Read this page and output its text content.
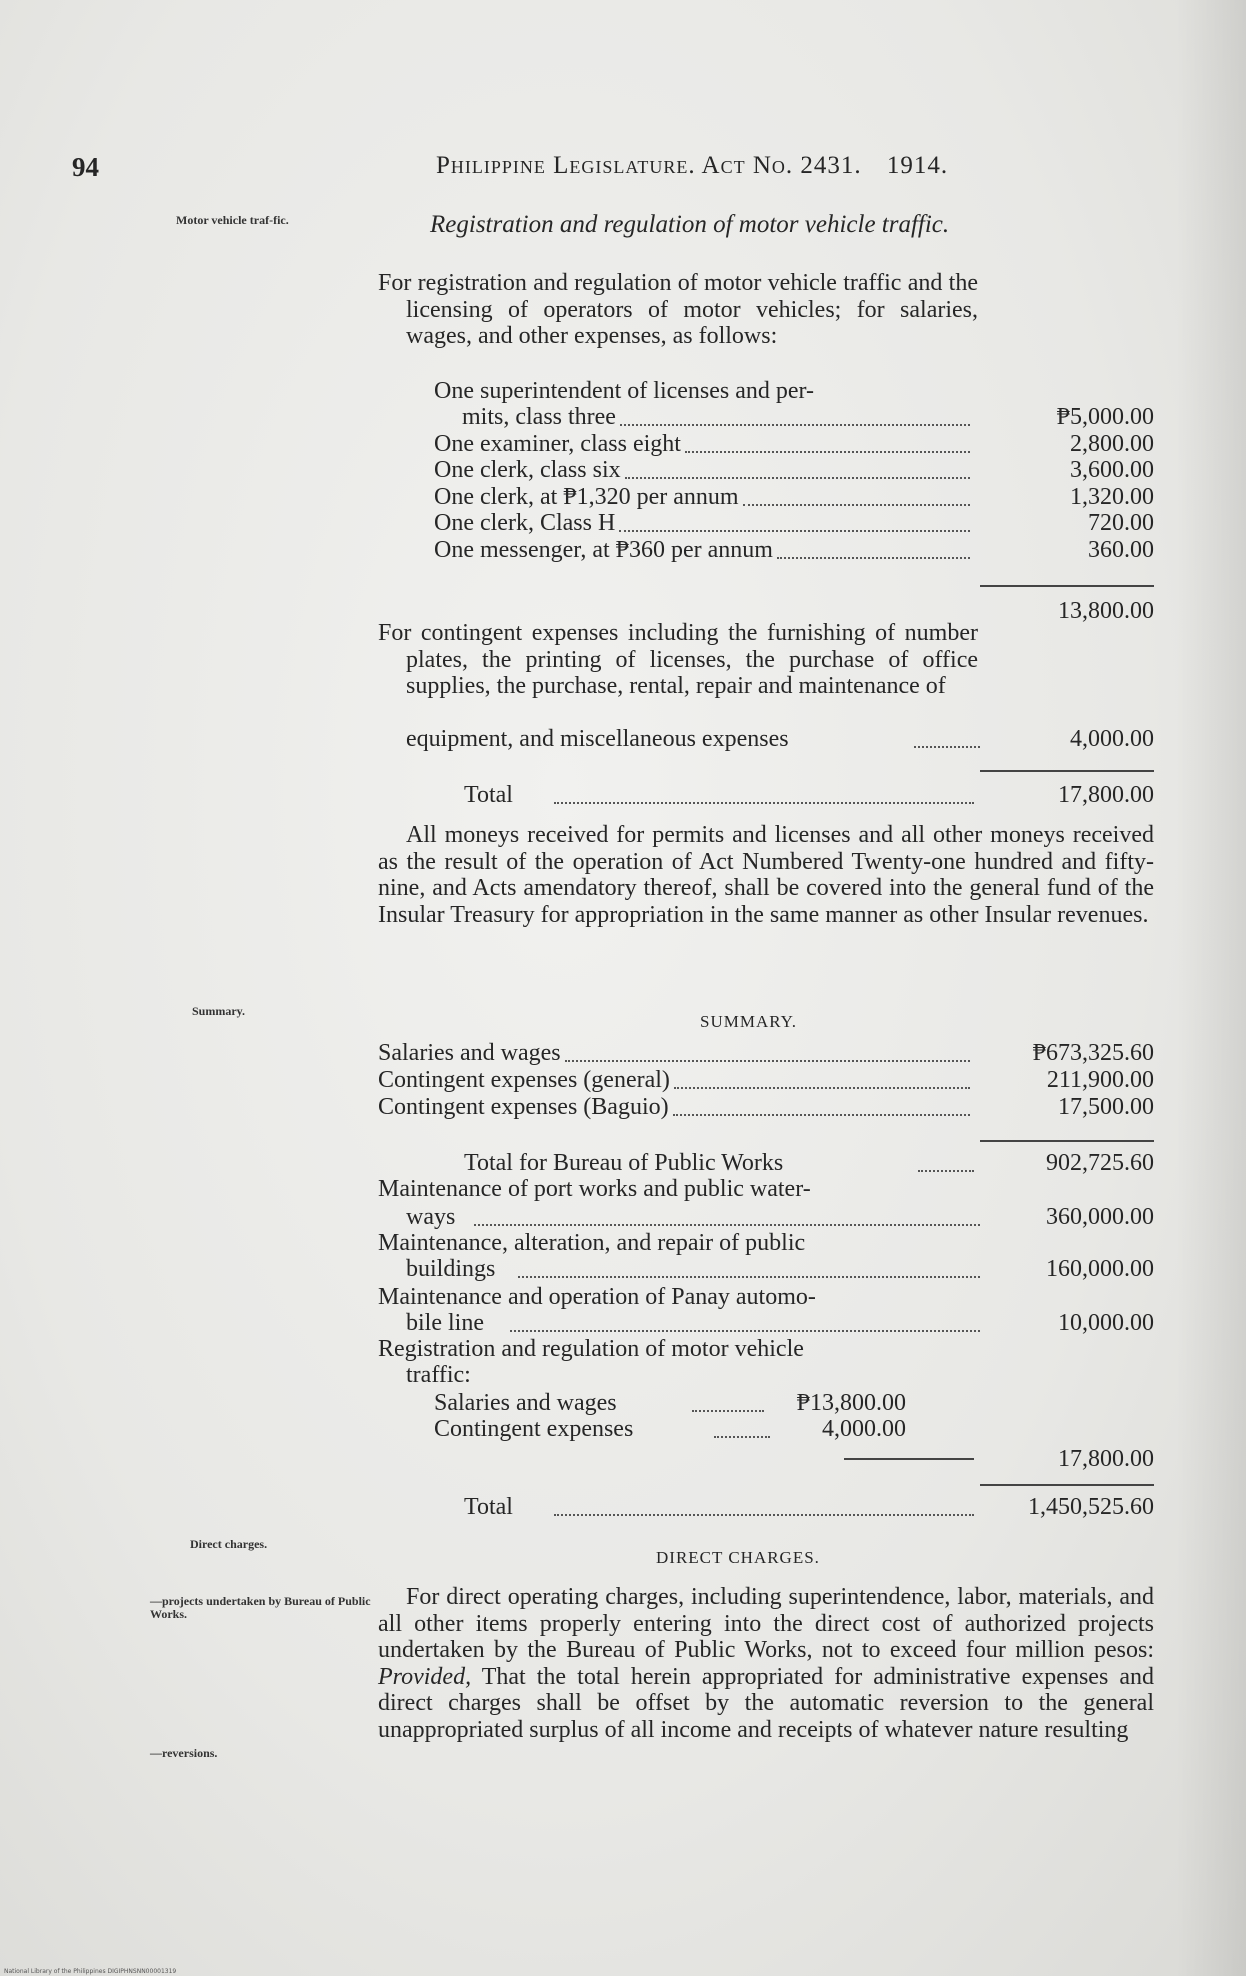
94	Philippine Legislature. Act No. 2431. 1914.
Motor vehicle traf-fic.
Summary.
Direct charges.
—projects undertaken by Bureau of Public Works.
—reversions.
Registration and regulation of motor vehicle traffic.
For registration and regulation of motor vehicle traffic and the licensing of operators of motor vehicles; for salaries, wages, and other expenses, as follows:
One superintendent of licenses and per-
mits, class three	₱5,000.00
One examiner, class eight	2,800.00
One clerk, class six	3,600.00
One clerk, at ₱1,320 per annum	1,320.00
One clerk, Class H	720.00
One messenger, at ₱360 per annum	360.00
13,800.00
For contingent expenses including the furnishing of number plates, the printing of licenses, the purchase of office supplies, the purchase, rental, repair and maintenance of
equipment, and miscellaneous expenses	4,000.00
Total	17,800.00
All moneys received for permits and licenses and all other moneys received as the result of the operation of Act Numbered Twenty-one hundred and fifty-nine, and Acts amendatory thereof, shall be covered into the general fund of the Insular Treasury for appropriation in the same manner as other Insular revenues.
SUMMARY.
Salaries and wages	₱673,325.60
Contingent expenses (general)	211,900.00
Contingent expenses (Baguio)	17,500.00
Total for Bureau of Public Works	902,725.60
Maintenance of port works and public water-
ways	360,000.00
Maintenance, alteration, and repair of public
buildings	160,000.00
Maintenance and operation of Panay automo-
bile line	10,000.00
Registration and regulation of motor vehicle
traffic:
Salaries and wages	₱13,800.00
Contingent expenses	4,000.00
17,800.00
Total	1,450,525.60
DIRECT CHARGES.
For direct operating charges, including superintendence, labor, materials, and all other items properly entering into the direct cost of authorized projects undertaken by the Bureau of Public Works, not to exceed four million pesos: Provided, That the total herein appropriated for administrative expenses and direct charges shall be offset by the automatic reversion to the general unappropriated surplus of all income and receipts of whatever nature resulting
National Library of the Philippines DIGIPHNSNN00001319
